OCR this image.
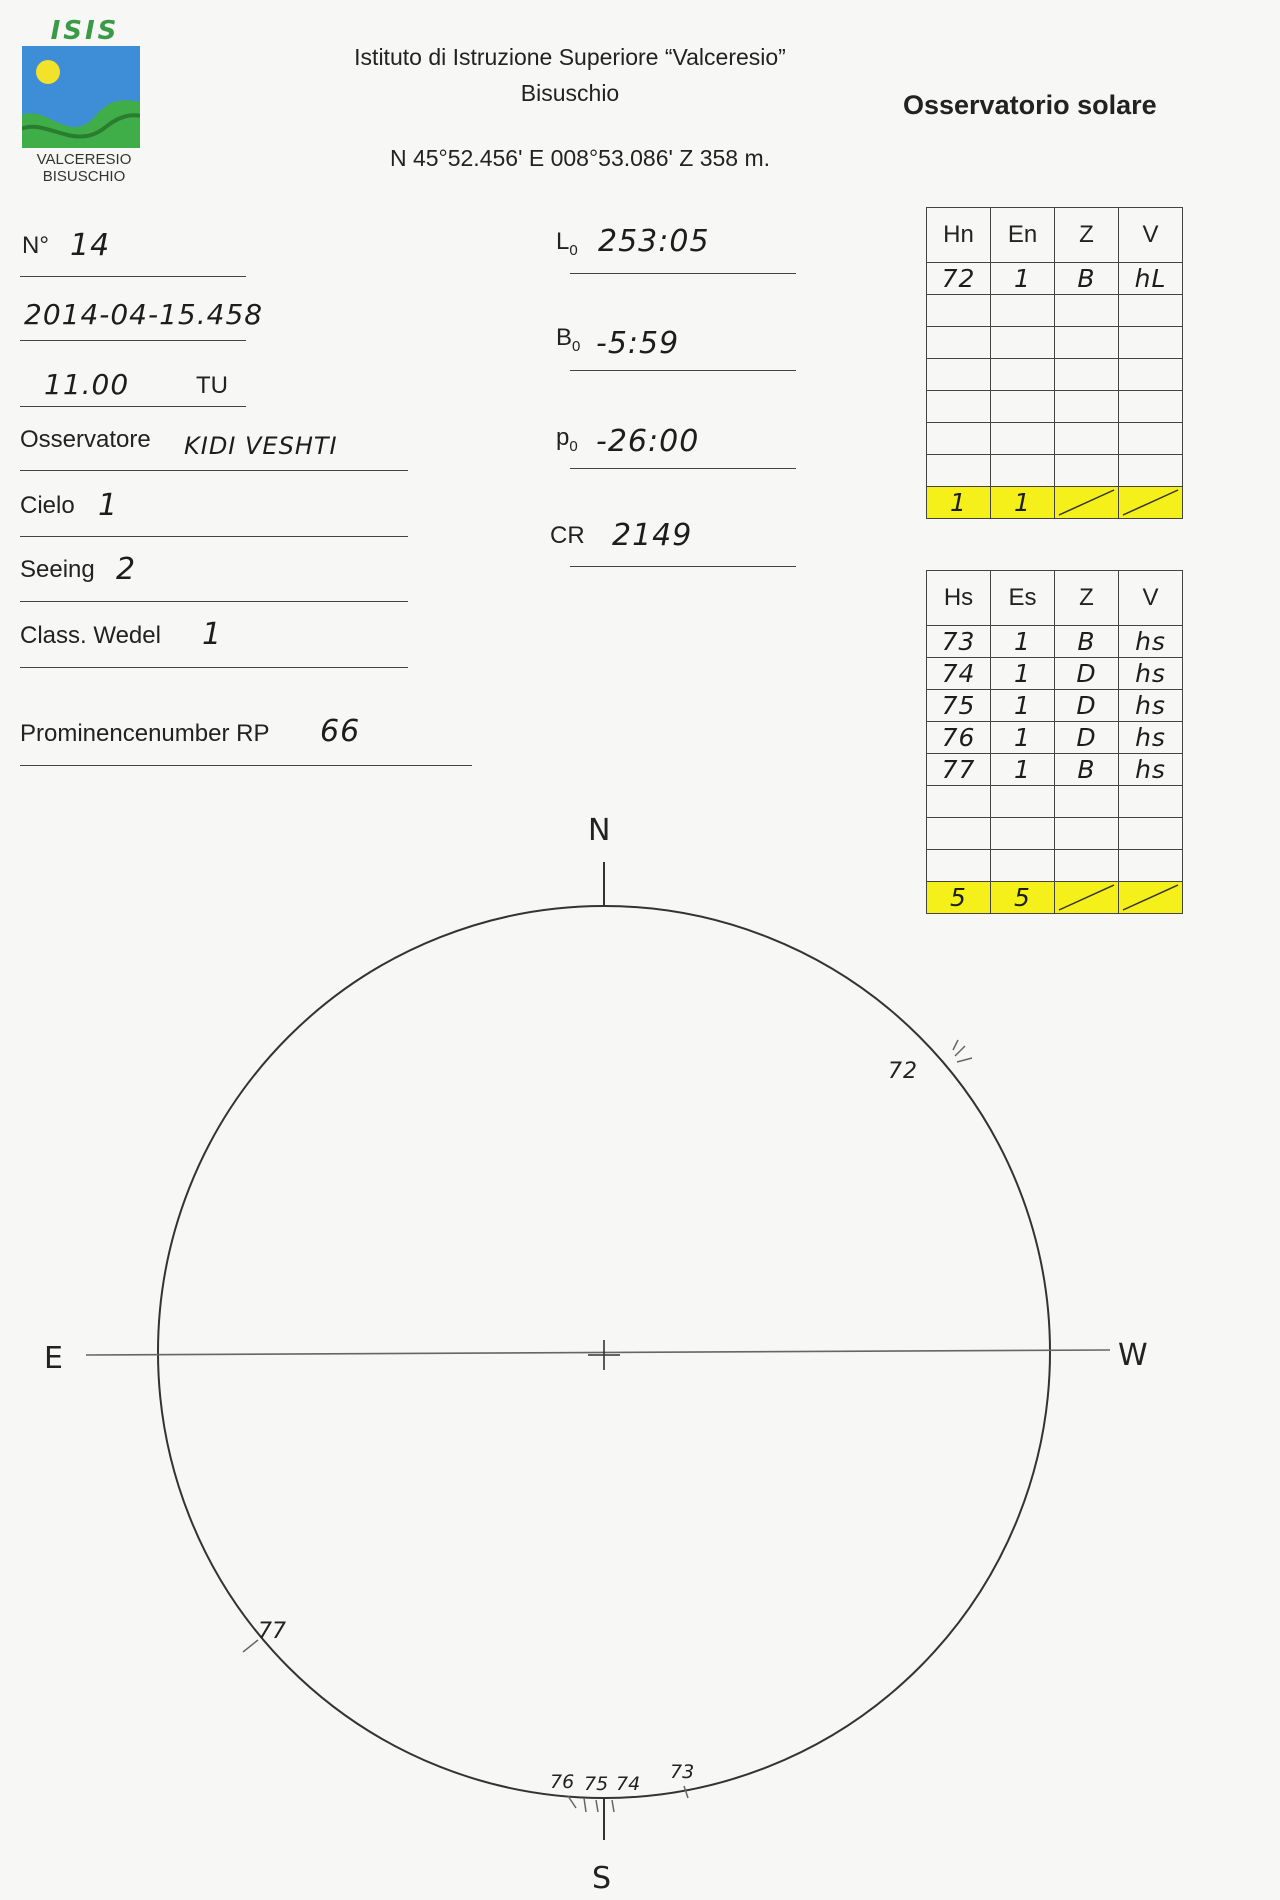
ISIS
VALCERESIO
BISUSCHIO
Istituto di Istruzione Superiore “Valceresio”
Bisuschio
N 45°52.456' E 008°53.086' Z 358 m.
Osservatorio solare
N° 14
2014-04-15.458
11.00	TU
Osservatore KIDI VESHTI
Cielo 1
Seeing 2
Class. Wedel 1
Prominencenumber RP 66
$L_0$ 253:05
$B_0$ -5:59
$p_0$ -26:00
CR 2149
Hn	En	Z	V
72	1	B	hL

1	1	

Hs	Es	Z	V
73	1	B	hs
74	1	D	hs
75	1	D	hs
76	1	D	hs
77	1	B	hs

5	5	

N
S
E	W
72
77
76 75 74
73
